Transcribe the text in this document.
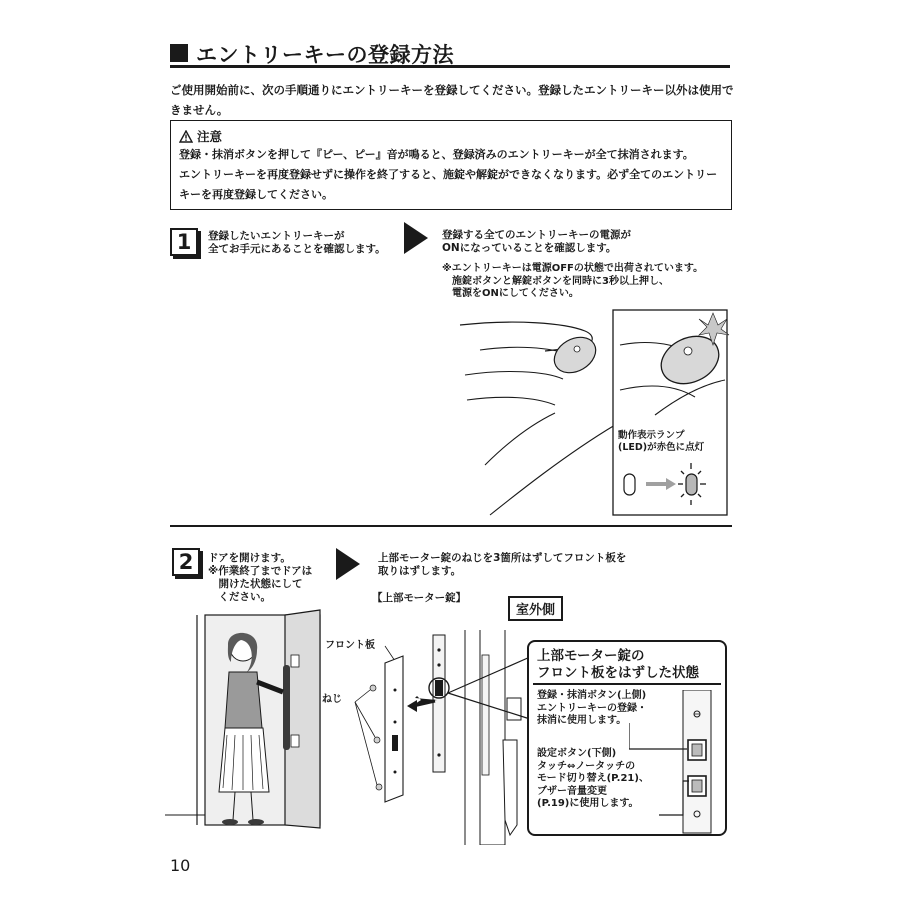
エントリーキーの登録方法
ご使用開始前に、次の手順通りにエントリーキーを登録してください。登録したエントリーキー以外は使用できません。
注意
登録・抹消ボタンを押して『ピー、ピー』音が鳴ると、登録済みのエントリーキーが全て抹消されます。
エントリーキーを再度登録せずに操作を終了すると、施錠や解錠ができなくなります。必ず全てのエントリーキーを再度登録してください。
1	登録したいエントリーキーが
全てお手元にあることを確認します。
登録する全てのエントリーキーの電源が
ONになっていることを確認します。
※エントリーキーは電源OFFの状態で出荷されています。
　施錠ボタンと解錠ボタンを同時に3秒以上押し、
　電源をONにしてください。
動作表示ランプ
(LED)が赤色に点灯
2	ドアを開けます。
※作業終了までドアは
　開けた状態にして
　ください。
上部モーター錠のねじを3箇所はずしてフロント板を
取りはずします。
【上部モーター錠】
室外側
フロント板
ねじ
上部モーター錠の
フロント板をはずした状態
登録・抹消ボタン(上側)
エントリーキーの登録・
抹消に使用します。
設定ボタン(下側)
タッチ⇔ノータッチの
モード切り替え(P.21)、
ブザー音量変更
(P.19)に使用します。
10
